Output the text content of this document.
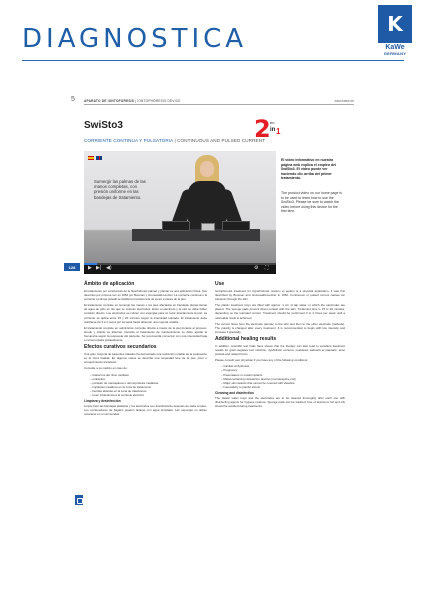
DIAGNOSTICA	K
KaWe
GERMANY
5	APARATO DE IONTOFORESIS | IONTOPHORESIS DEVICE	www.kawe.de
SwiSto3
CORRIENTE CONTINUA Y PULSATORIA | CONTINUOUS AND PULSED CURRENT
2 en
in 1
Sumergir las palmas de las manos completas, con presión uniforme en las bandejas de tratamiento.
▶ ▶| ◀)	⚙ ⛶
128

El vídeo informativo en nuestra página web explica el empleo del SwiSto3. El video puede ver haciendo clic arriba del primer tratamiento.

The product video on our home page is to be used to learn how to use the SwiSto3. Please be sure to watch the video before using this device for the first time.

Ámbito de aplicación

El tratamiento por iontoforesis de la hiperhidrosis palmar y plantar es una aplicación física. Sus descritos por primera vez en 1952 por Bouman y Grunewald-Lentzer. La corriente continua o la corriente continua pulsátil se facilita la transferencia de iones a través de la piel.

El tratamiento consiste en sumergir las manos o los pies afectados en bandejas planas llenas de agua de grifo en las que se colocan electrodos. Entre el electrodo y la piel no debe haber contacto directo. Los electrodos se cubren con esponjas para no tocar directamente la piel. La corriente se aplica entre 15 y 20 minutos según la intensidad tolerada. El tratamiento debe realizarse de 3 a 4 veces por semana hasta observar una mejoría notable.

El tratamiento consiste en administrar corriente directa a través de la piel durante el proceso; ánodo y cátodo se alternan. Durante el tratamiento de mantenimiento se debe ajustar la frecuencia según la respuesta del paciente. Se recomienda comenzar con una intensidad baja e incrementarla gradualmente.

Efectos curativos secundarios

Una gran mayoría de pacientes tratados ha demostrado una reducción notable de la sudoración en la zona tratada. En algunos casos se describe una sequedad leve de la piel, picor o enrojecimiento transitorio.

Consulte a su médico en caso de:

– trastornos del ritmo cardiaco
– embarazo
– portador de marcapasos o dermoprótesis metálicas
– implantes metálicos en la zona de tratamiento
– heridas abiertas en la zona de tratamiento
– tener intolerancia a la corriente eléctrica
Limpieza y desinfección

Limpie bien las bandejas plásticas y los electrodos con desinfectante después de cada empleo. Los contenedores de bagazo pueden lavarse con agua templada. Las esponjas no deben colocarse en el microondas.

Use

Iontophoresis treatment for hyperhidrosis manum et pedum is a physical application. It was first described by Bouman and Grunewald-Lentzer in 1952. Continuous or pulsed current causes ion transport through the skin.

The plastic treatment trays are filled with approx. 1 cm of tap water, in which the electrodes are placed. The sponge pads prevent direct contact with the skin. Treatment time is 15 to 20 minutes, depending on the tolerated current. Treatment should be performed 3 to 4 times per week until a noticeable result is achieved.

The current flows from the electrode (anode) to the skin and then to the other electrode (cathode). The polarity is changed after every treatment. It is recommended to begin with low intensity and increase it gradually.

Additional healing results

In addition, scientific test trials have shown that the therapy can also lead to excellent treatment results for gram-negative foot infection, dyshidrotic eczema, pustulosis palmaris et plantaris, acne pustula and related forms.

Please consult your physician if you have any of the following conditions:

– Cardiac arrhythmias
– Pregnancy
– Pacemakers or metal implants
– Metal-containing intrauterine devices (contraceptive coil)
– Major skin defects that cannot be covered with Vaseline
– Insensitivity to painful stimuli
Cleaning and disinfection

The plastic water trays and the electrodes are to be cleaned thoroughly after each use with disinfecting agents for hygiene reasons. Sponge pads can be washed. Use of aluminum foil and oils should be avoided during treatments.
